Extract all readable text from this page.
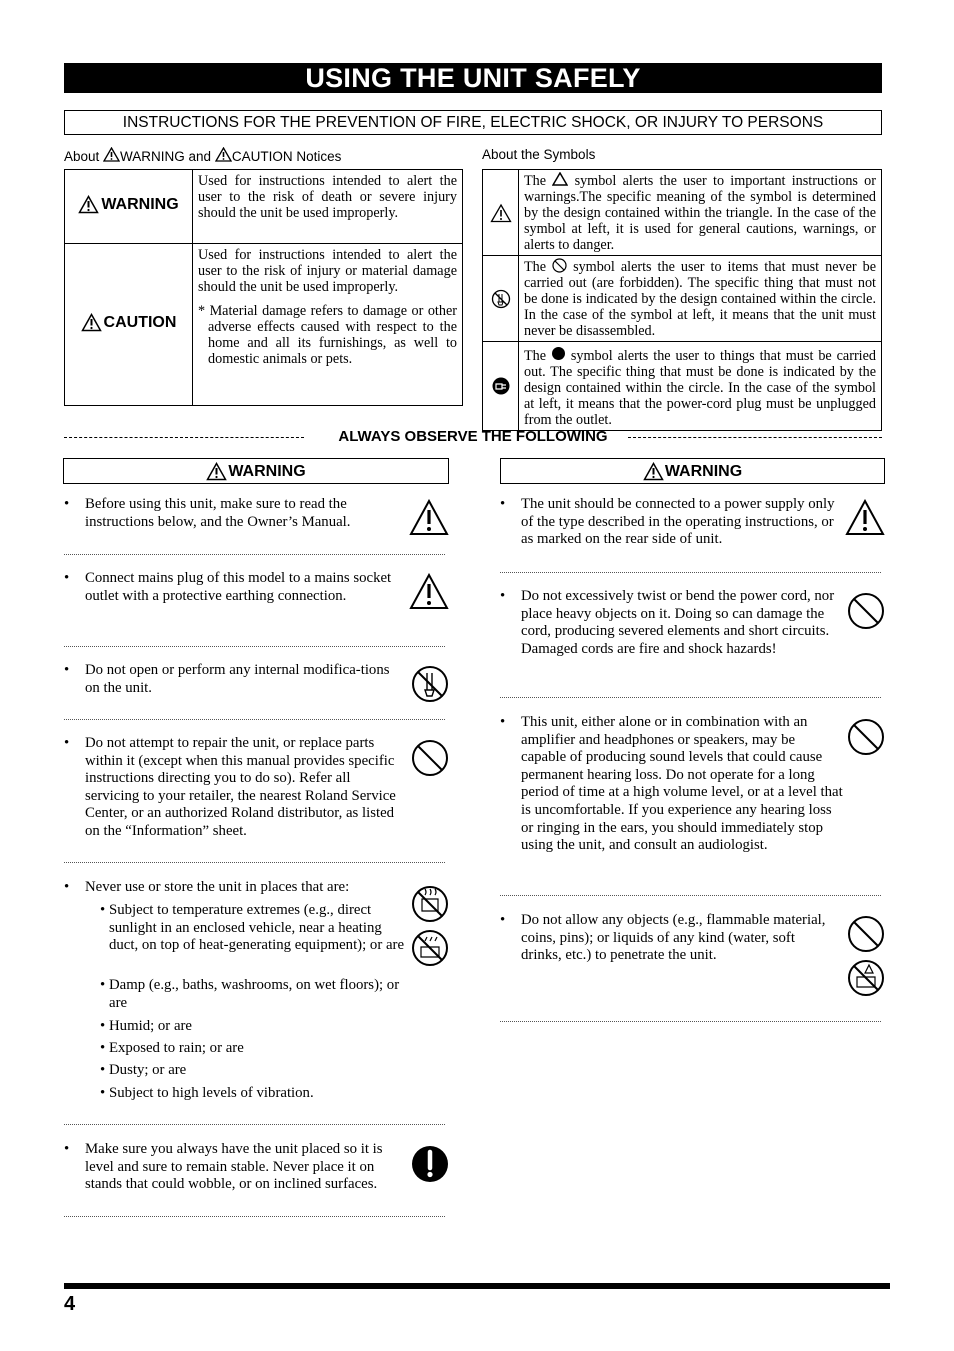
USING THE UNIT SAFELY
INSTRUCTIONS FOR THE PREVENTION OF FIRE, ELECTRIC SHOCK, OR INJURY TO PERSONS
About WARNING and CAUTION Notices
WARNING	Used for instructions intended to alert the user to the risk of death or severe injury should the unit be used improperly.

CAUTION	Used for instructions intended to alert the user to the risk of injury or material damage should the unit be used improperly.
* Material damage refers to damage or other adverse effects caused with respect to the home and all its furnishings, as well to domestic animals or pets.
About the Symbols
	The symbol alerts the user to important instructions or warnings.The specific meaning of the symbol is determined by the design contained within the triangle. In the case of the symbol at left, it is used for general cautions, warnings, or alerts to danger.

	The symbol alerts the user to items that must never be carried out (are forbidden). The specific thing that must not be done is indicated by the design contained within the circle. In the case of the symbol at left, it means that the unit must never be disassembled.

	The symbol alerts the user to things that must be carried out. The specific thing that must be done is indicated by the design contained within the circle. In the case of the symbol at left, it means that the power-cord plug must be unplugged from the outlet.
ALWAYS OBSERVE THE FOLLOWING
WARNING
• Before using this unit, make sure to read the instructions below, and the Owner’s Manual.
• Connect mains plug of this model to a mains socket outlet with a protective earthing connection.
• Do not open or perform any internal modifica-tions on the unit.
• Do not attempt to repair the unit, or replace parts within it (except when this manual provides specific instructions directing you to do so). Refer all servicing to your retailer, the nearest Roland Service Center, or an authorized Roland distributor, as listed on the “Information” sheet.
• Never use or store the unit in places that are:
• Subject to temperature extremes (e.g., direct sunlight in an enclosed vehicle, near a heating duct, on top of heat-generating equipment); or are
• Damp (e.g., baths, washrooms, on wet floors); or are
• Humid; or are
• Exposed to rain; or are
• Dusty; or are
• Subject to high levels of vibration.
• Make sure you always have the unit placed so it is level and sure to remain stable. Never place it on stands that could wobble, or on inclined surfaces.
WARNING
• The unit should be connected to a power supply only of the type described in the operating instructions, or as marked on the rear side of unit.
• Do not excessively twist or bend the power cord, nor place heavy objects on it. Doing so can damage the cord, producing severed elements and short circuits. Damaged cords are fire and shock hazards!
• This unit, either alone or in combination with an amplifier and headphones or speakers, may be capable of producing sound levels that could cause permanent hearing loss. Do not operate for a long period of time at a high volume level, or at a level that is uncomfortable. If you experience any hearing loss or ringing in the ears, you should immediately stop using the unit, and consult an audiologist.
• Do not allow any objects (e.g., flammable material, coins, pins); or liquids of any kind (water, soft drinks, etc.) to penetrate the unit.
4
